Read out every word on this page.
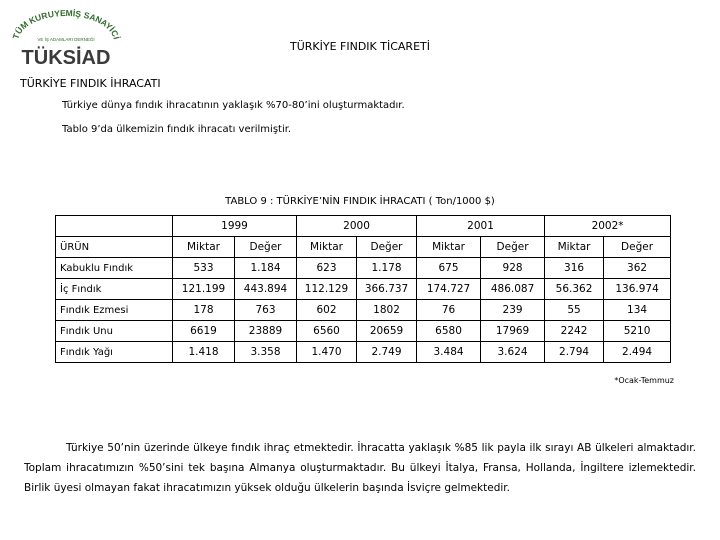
TÜM KURUYEMİŞ SANAYİCİ
VE İŞ ADAMLARI DERNEĞİ
TÜKSİAD
TÜRKİYE FINDIK TİCARETİ
TÜRKİYE FINDIK İHRACATI
Türkiye dünya fındık ihracatının yaklaşık %70-80’ini oluşturmaktadır.
Tablo 9’da ülkemizin fındık ihracatı verilmiştir.
TABLO 9 : TÜRKİYE’NİN FINDIK İHRACATI ( Ton/1000 $)
	1999		2000		2001		2002*	
ÜRÜN	Miktar	Değer	Miktar	Değer	Miktar	Değer	Miktar	Değer
Kabuklu Fındık	533	1.184	623	1.178	675	928	316	362
İç Fındık	121.199	443.894	112.129	366.737	174.727	486.087	56.362	136.974
Fındık Ezmesi	178	763	602	1802	76	239	55	134
Fındık Unu	6619	23889	6560	20659	6580	17969	2242	5210
Fındık Yağı	1.418	3.358	1.470	2.749	3.484	3.624	2.794	2.494
*Ocak-Temmuz

Türkiye 50’nin üzerinde ülkeye fındık ihraç etmektedir. İhracatta yaklaşık %85 lik payla ilk sırayı AB ülkeleri almaktadır. Toplam ihracatımızın %50’sini tek başına Almanya oluşturmaktadır. Bu ülkeyi İtalya, Fransa, Hollanda, İngiltere izlemektedir. Birlik üyesi olmayan fakat ihracatımızın yüksek olduğu ülkelerin başında İsviçre gelmektedir.
